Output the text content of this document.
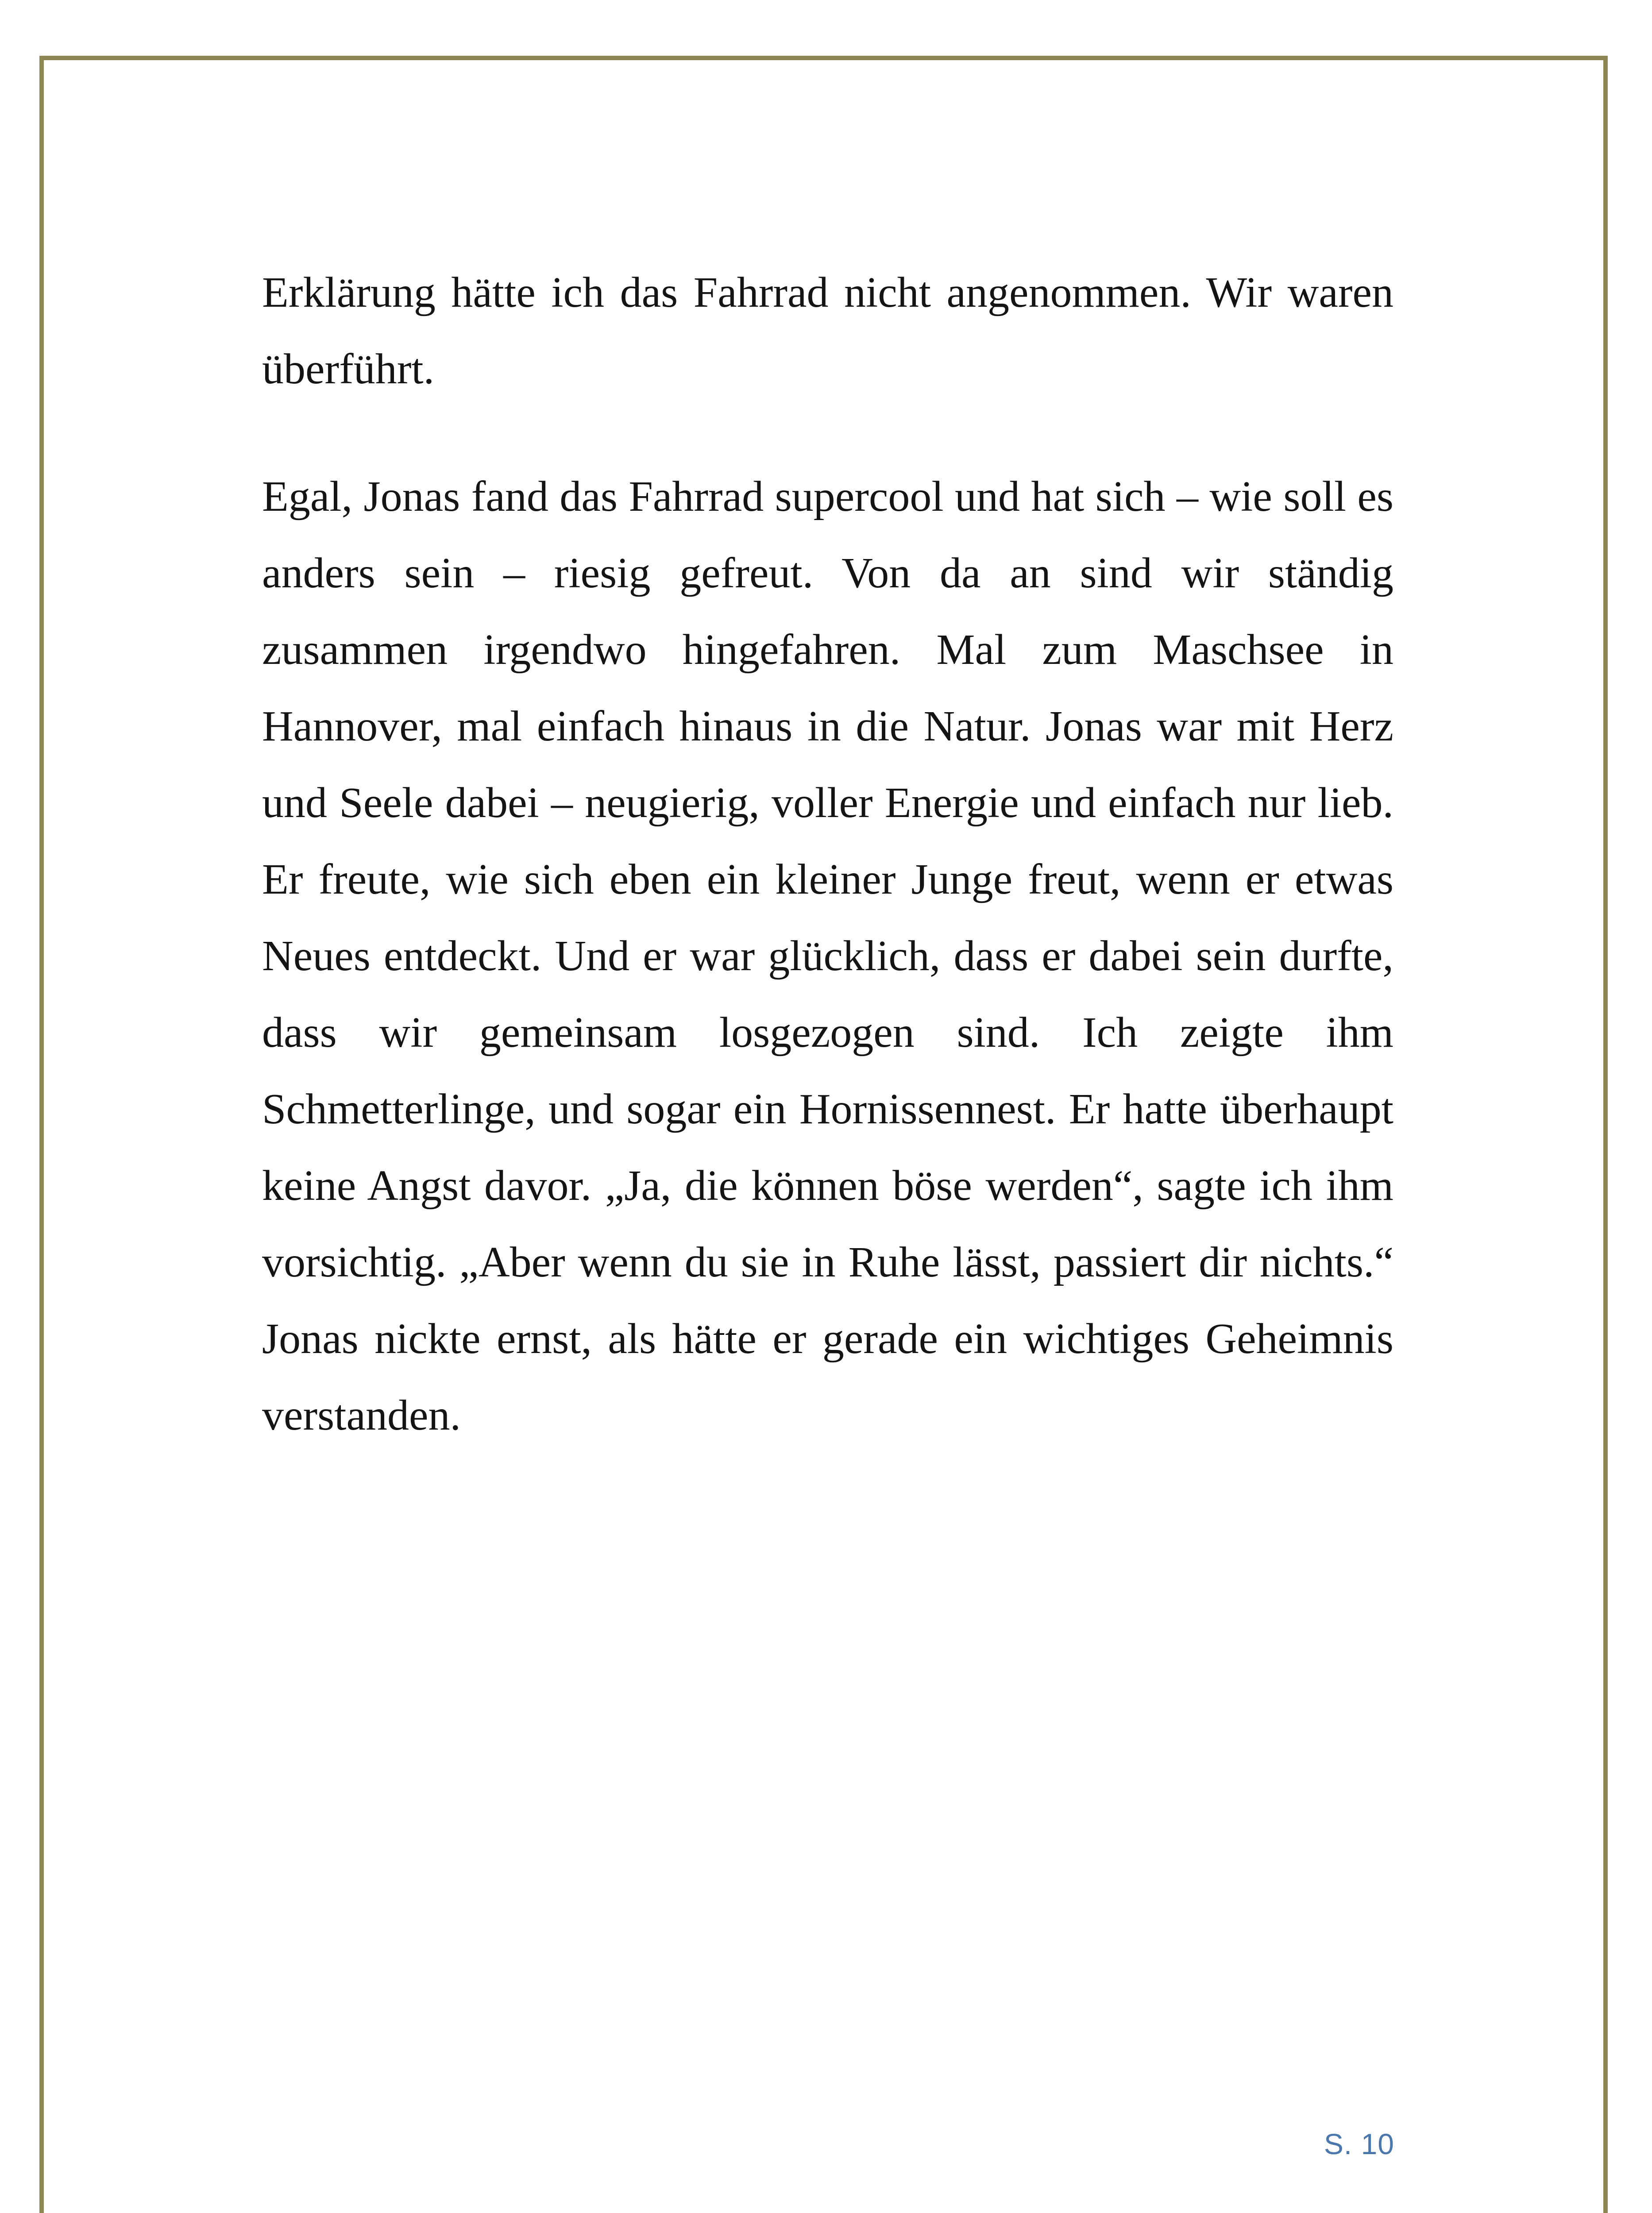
Erklärung hätte ich das Fahrrad nicht angenommen. Wir waren überführt.

Egal, Jonas fand das Fahrrad supercool und hat sich – wie soll es anders sein – riesig gefreut. Von da an sind wir ständig zusammen irgendwo hingefahren. Mal zum Maschsee in Hannover, mal einfach hinaus in die Natur. Jonas war mit Herz und Seele dabei – neugierig, voller Energie und einfach nur lieb. Er freute, wie sich eben ein kleiner Junge freut, wenn er etwas Neues entdeckt. Und er war glücklich, dass er dabei sein durfte, dass wir gemeinsam losgezogen sind. Ich zeigte ihm Schmetterlinge, und sogar ein Hornissennest. Er hatte überhaupt keine Angst davor. „Ja, die können böse werden“, sagte ich ihm vorsichtig. „Aber wenn du sie in Ruhe lässt, passiert dir nichts.“ Jonas nickte ernst, als hätte er gerade ein wichtiges Geheimnis verstanden.

S. 10
